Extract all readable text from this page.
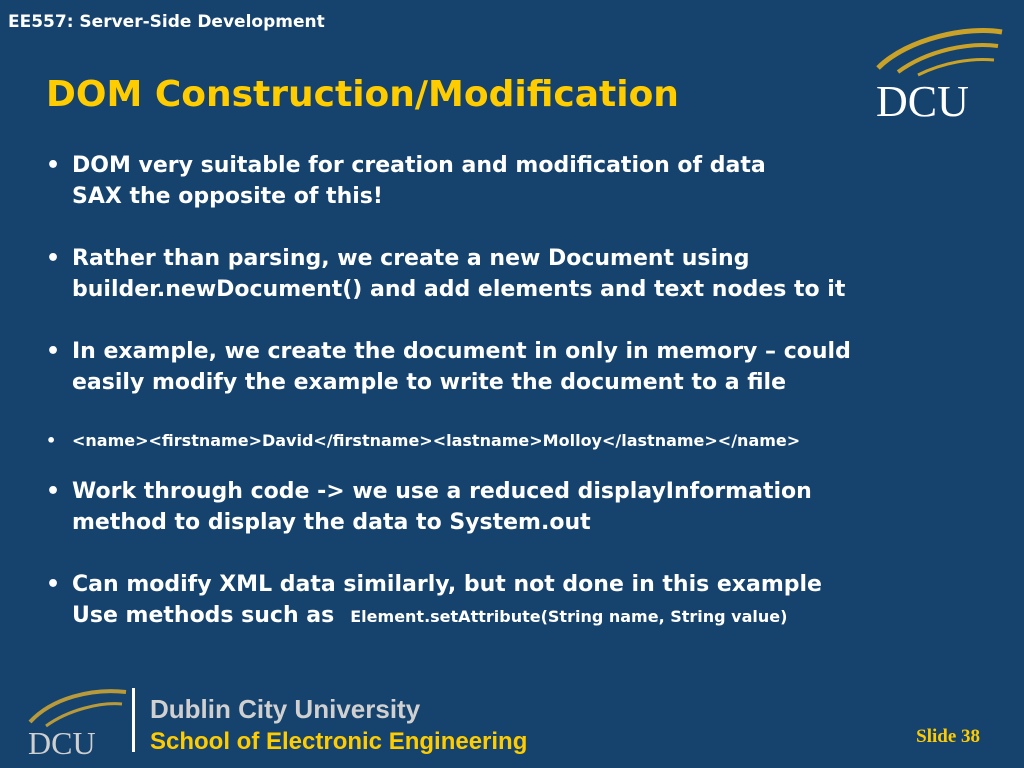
EE557: Server-Side Development
DOM Construction/Modification	DCU
• DOM very suitable for creation and modification of data
SAX the opposite of this!
• Rather than parsing, we create a new Document using
builder.newDocument() and add elements and text nodes to it
• In example, we create the document in only in memory – could
easily modify the example to write the document to a file
• <name><firstname>David</firstname><lastname>Molloy</lastname></name>
• Work through code -> we use a reduced displayInformation
method to display the data to System.out
• Can modify XML data similarly, but not done in this example
Use methods such as Element.setAttribute(String name, String value)
DCU
Dublin City University
School of Electronic Engineering	Slide 38
